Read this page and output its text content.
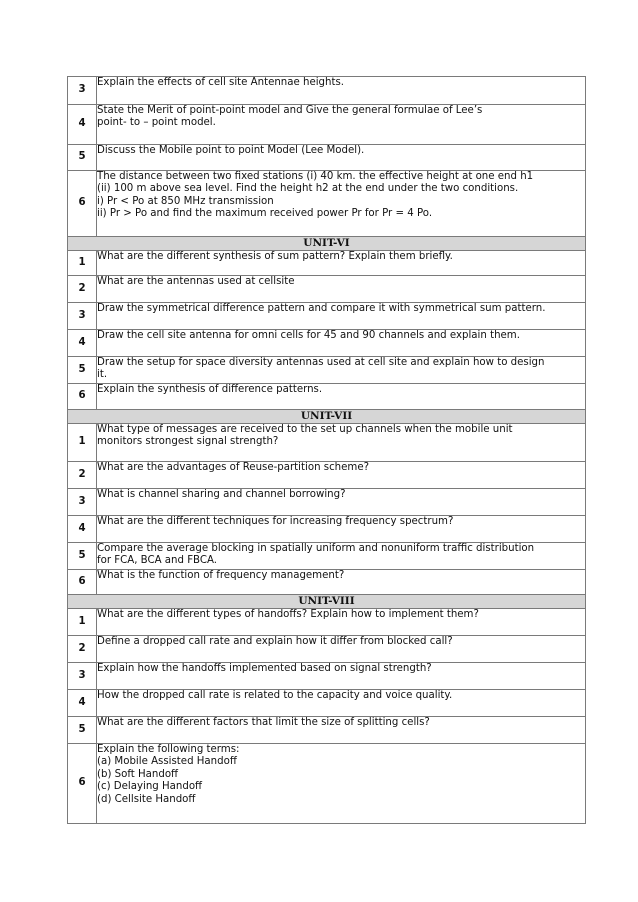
3	Explain the effects of cell site Antennae heights.

4	State the Merit of point-point model and Give the general formulae of Lee’s
point- to – point model.

5	Discuss the Mobile point to point Model (Lee Model).

6	The distance between two fixed stations (i) 40 km. the effective height at one end h1
(ii) 100 m above sea level. Find the height h2 at the end under the two conditions.
i) Pr < Po at 850 MHz transmission
ii) Pr > Po and find the maximum received power Pr for Pr = 4 Po.

UNIT-VI	
1	What are the different synthesis of sum pattern? Explain them briefly.

2	What are the antennas used at cellsite

3	Draw the symmetrical difference pattern and compare it with symmetrical sum pattern.

4	Draw the cell site antenna for omni cells for 45 and 90 channels and explain them.

5	Draw the setup for space diversity antennas used at cell site and explain how to design
it.

6	Explain the synthesis of difference patterns.

UNIT-VII	
1	What type of messages are received to the set up channels when the mobile unit
monitors strongest signal strength?

2	What are the advantages of Reuse-partition scheme?

3	What is channel sharing and channel borrowing?

4	What are the different techniques for increasing frequency spectrum?

5	Compare the average blocking in spatially uniform and nonuniform traffic distribution
for FCA, BCA and FBCA.

6	What is the function of frequency management?

UNIT-VIII	
1	What are the different types of handoffs? Explain how to implement them?

2	Define a dropped call rate and explain how it differ from blocked call?

3	Explain how the handoffs implemented based on signal strength?

4	How the dropped call rate is related to the capacity and voice quality.

5	What are the different factors that limit the size of splitting cells?

6	Explain the following terms:
(a) Mobile Assisted Handoff
(b) Soft Handoff
(c) Delaying Handoff
(d) Cellsite Handoff
